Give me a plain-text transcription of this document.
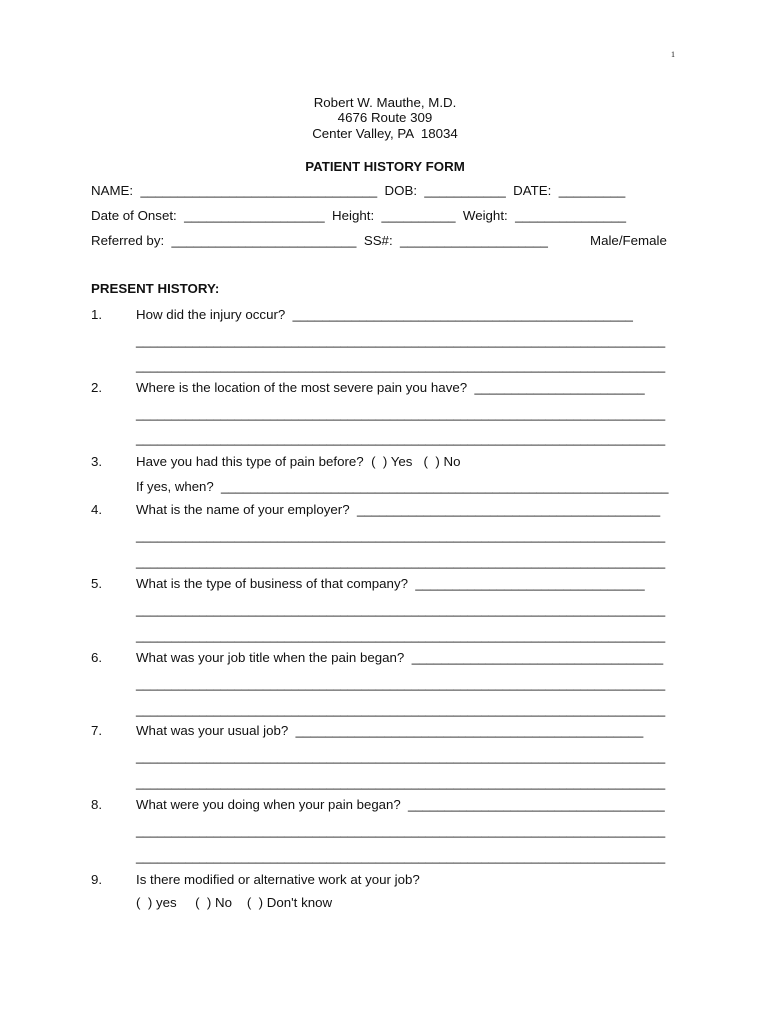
1
Robert W. Mauthe, M.D.
4676 Route 309
Center Valley, PA  18034
PATIENT HISTORY FORM
NAME:  ________________________________  DOB:  ___________  DATE:  _________
Date of Onset:  ___________________  Height:  __________  Weight:  _______________
Referred by:  _________________________  SS#:  ____________________	Male/Female
PRESENT HISTORY:
1.	How did the injury occur?  ______________________________________________
___________________________________________________________________________
___________________________________________________________________________
2.	Where is the location of the most severe pain you have?  _______________________
___________________________________________________________________________
___________________________________________________________________________
3.	Have you had this type of pain before?  (  ) Yes   (  ) No
If yes, when?  _____________________________________________________________
4.	What is the name of your employer?  _________________________________________
___________________________________________________________________________
___________________________________________________________________________
5.	What is the type of business of that company?  _______________________________
___________________________________________________________________________
___________________________________________________________________________
6.	What was your job title when the pain began?  __________________________________
___________________________________________________________________________
___________________________________________________________________________
7.	What was your usual job?  _______________________________________________
___________________________________________________________________________
___________________________________________________________________________
8.	What were you doing when your pain began?  ___________________________________
___________________________________________________________________________
___________________________________________________________________________
9.	Is there modified or alternative work at your job?
(  ) yes     (  ) No    (  ) Don't know
